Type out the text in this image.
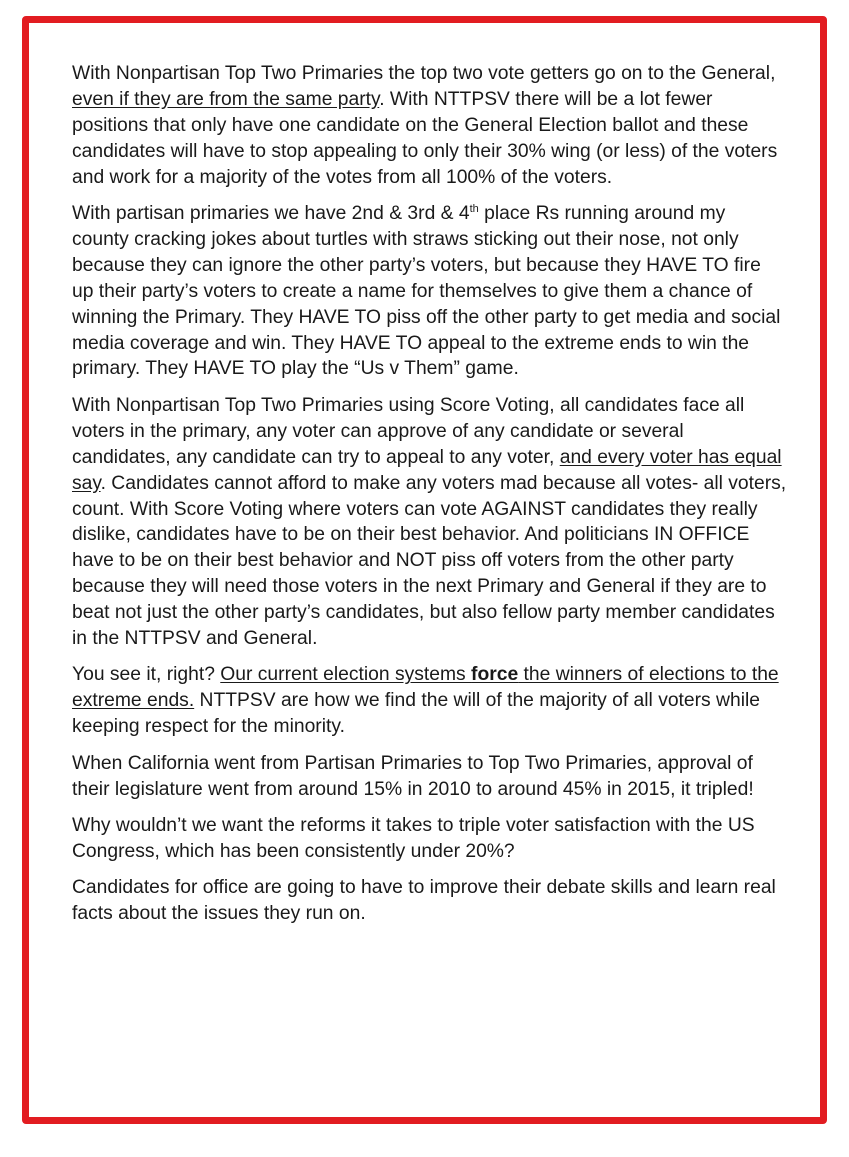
With Nonpartisan Top Two Primaries the top two vote getters go on to the General, even if they are from the same party. With NTTPSV there will be a lot fewer positions that only have one candidate on the General Election ballot and these candidates will have to stop appealing to only their 30% wing (or less) of the voters and work for a majority of the votes from all 100% of the voters.

With partisan primaries we have 2nd & 3rd & 4th place Rs running around my county cracking jokes about turtles with straws sticking out their nose, not only because they can ignore the other party’s voters, but because they HAVE TO fire up their party’s voters to create a name for themselves to give them a chance of winning the Primary. They HAVE TO piss off the other party to get media and social media coverage and win. They HAVE TO appeal to the extreme ends to win the primary. They HAVE TO play the “Us v Them” game.

With Nonpartisan Top Two Primaries using Score Voting, all candidates face all voters in the primary, any voter can approve of any candidate or several candidates, any candidate can try to appeal to any voter, and every voter has equal say. Candidates cannot afford to make any voters mad because all votes- all voters, count. With Score Voting where voters can vote AGAINST candidates they really dislike, candidates have to be on their best behavior. And politicians IN OFFICE have to be on their best behavior and NOT piss off voters from the other party because they will need those voters in the next Primary and General if they are to beat not just the other party’s candidates, but also fellow party member candidates in the NTTPSV and General.

You see it, right? Our current election systems force the winners of elections to the extreme ends. NTTPSV are how we find the will of the majority of all voters while keeping respect for the minority.

When California went from Partisan Primaries to Top Two Primaries, approval of their legislature went from around 15% in 2010 to around 45% in 2015, it tripled!

Why wouldn’t we want the reforms it takes to triple voter satisfaction with the US Congress, which has been consistently under 20%?

Candidates for office are going to have to improve their debate skills and learn real facts about the issues they run on.
